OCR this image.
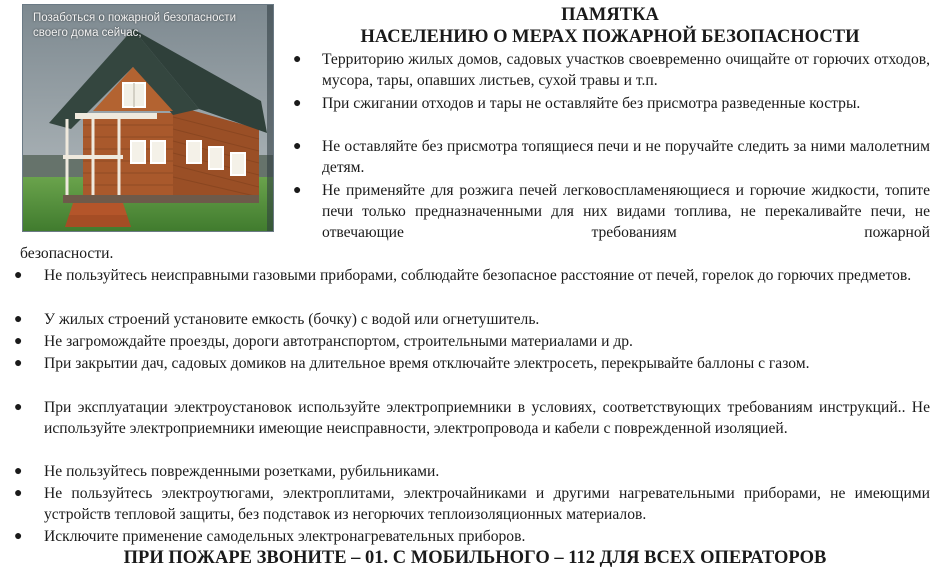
Позаботься о пожарной безопасности
своего дома сейчас,
ПАМЯТКА
НАСЕЛЕНИЮ О МЕРАХ ПОЖАРНОЙ БЕЗОПАСНОСТИ
● Территорию жилых домов, садовых участков своевременно очищайте от горючих отходов, мусора, тары, опавших листьев, сухой травы и т.п.
● При сжигании отходов и тары не оставляйте без присмотра разведенные костры.
● Не оставляйте без присмотра топящиеся печи и не поручайте следить за ними малолетним детям.
● Не применяйте для розжига печей легковоспламеняющиеся и горючие жидкости, топите печи только предназначенными для них видами топлива, не перекаливайте печи, не отвечающие требованиям пожарной

безопасности.

● Не пользуйтесь неисправными газовыми приборами, соблюдайте безопасное расстояние от печей, горелок до горючих предметов.
● У жилых строений установите емкость (бочку) с водой или огнетушитель.
● Не загромождайте проезды, дороги автотранспортом, строительными материалами и др.
● При закрытии дач, садовых домиков на длительное время отключайте электросеть, перекрывайте баллоны с газом.
● При эксплуатации электроустановок используйте электроприемники в условиях, соответствующих требованиям инструкций.. Не используйте электроприемники имеющие неисправности, электропровода и кабели с поврежденной изоляцией.
● Не пользуйтесь поврежденными розетками, рубильниками.
● Не пользуйтесь электроутюгами, электроплитами, электрочайниками и другими нагревательными приборами, не имеющими устройств тепловой защиты, без подставок из негорючих теплоизоляционных материалов.
● Исключите применение самодельных электронагревательных приборов.

ПРИ ПОЖАРЕ ЗВОНИТЕ – 01. С МОБИЛЬНОГО – 112 ДЛЯ ВСЕХ ОПЕРАТОРОВ
